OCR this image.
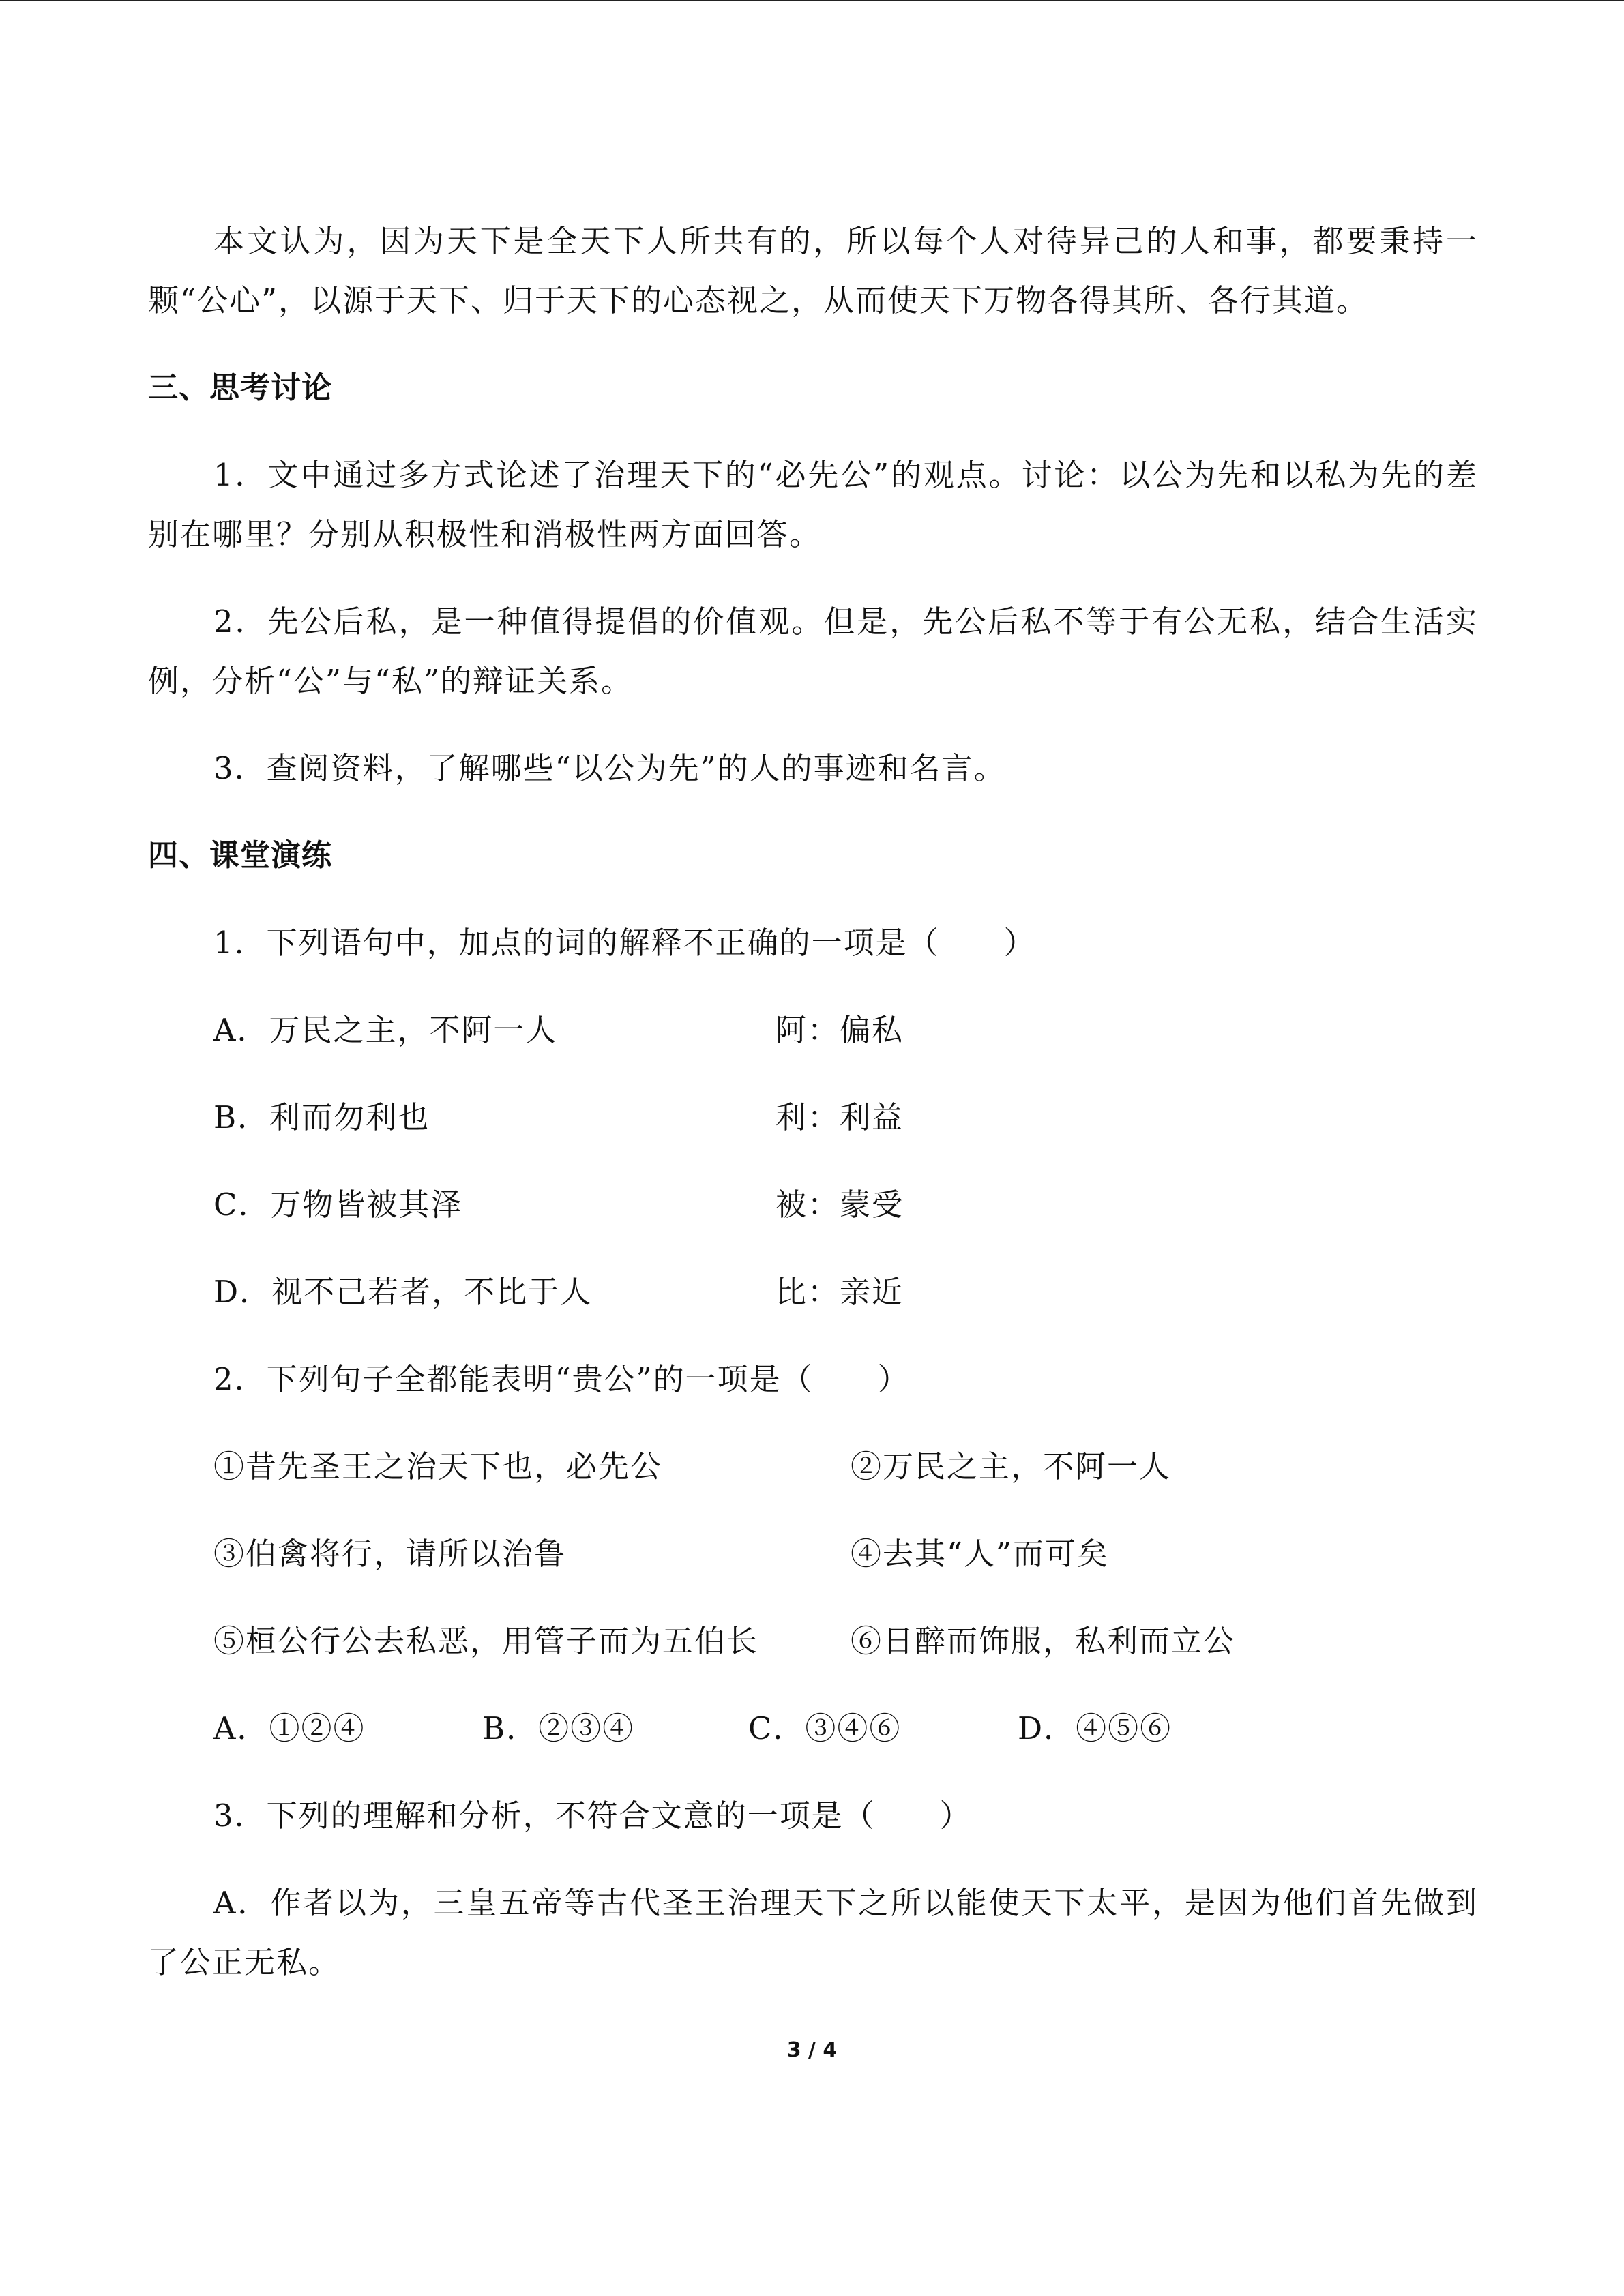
本文认为，因为天下是全天下人所共有的，所以每个人对待异己的人和事，都要秉持一颗“公心”，以源于天下、归于天下的心态视之，从而使天下万物各得其所、各行其道。

三、思考讨论

1．文中通过多方式论述了治理天下的“必先公”的观点。讨论：以公为先和以私为先的差别在哪里？分别从积极性和消极性两方面回答。

2．先公后私，是一种值得提倡的价值观。但是，先公后私不等于有公无私，结合生活实例，分析“公”与“私”的辩证关系。

3．查阅资料，了解哪些“以公为先”的人的事迹和名言。

四、课堂演练
1．下列语句中，加点的词的解释不正确的一项是（　　）
A．万民之主，不阿一人	阿：偏私
B．利而勿利也	利：利益
C．万物皆被其泽	被：蒙受
D．视不己若者，不比于人	比：亲近
2．下列句子全都能表明“贵公”的一项是（　　）
①昔先圣王之治天下也，必先公	②万民之主，不阿一人
③伯禽将行，请所以治鲁	④去其“人”而可矣
⑤桓公行公去私恶，用管子而为五伯长	⑥日醉而饰服，私利而立公
A．①②④	B．②③④	C．③④⑥	D．④⑤⑥
3．下列的理解和分析，不符合文意的一项是（　　）

A．作者以为，三皇五帝等古代圣王治理天下之所以能使天下太平，是因为他们首先做到了公正无私。

3 / 4
